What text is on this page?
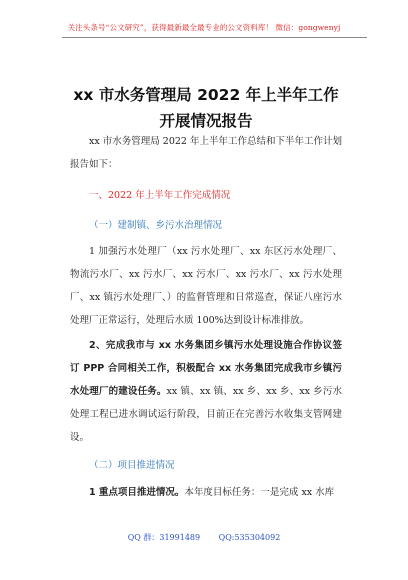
关注头条号“公文研究”，获得最新最全最专业的公文资料库！ 微信：gongwenyj
xx 市水务管理局 2022 年上半年工作开展情况报告
xx 市水务管理局 2022 年上半年工作总结和下半年工作计划报告如下：
一、2022 年上半年工作完成情况
（一）建制镇、乡污水治理情况
1 加强污水处理厂（xx 污水处理厂、xx 东区污水处理厂、物流污水厂、xx 污水厂、xx 污水厂、xx 污水厂、xx 污水处理厂、xx 镇污水处理厂、）的监督管理和日常巡查，保证八座污水处理厂正常运行，处理后水质 100%达到设计标准排放。
2、完成我市与 xx 水务集团乡镇污水处理设施合作协议签订 PPP 合同相关工作，积极配合 xx 水务集团完成我市乡镇污水处理厂的建设任务。xx 镇、xx 镇、xx 乡、xx 乡、xx 乡污水处理工程已进水调试运行阶段，目前正在完善污水收集支管网建设。
（二）项目推进情况
1 重点项目推进情况。本年度目标任务：一是完成 xx 水库
QQ 群：31991489 QQ:535304092
